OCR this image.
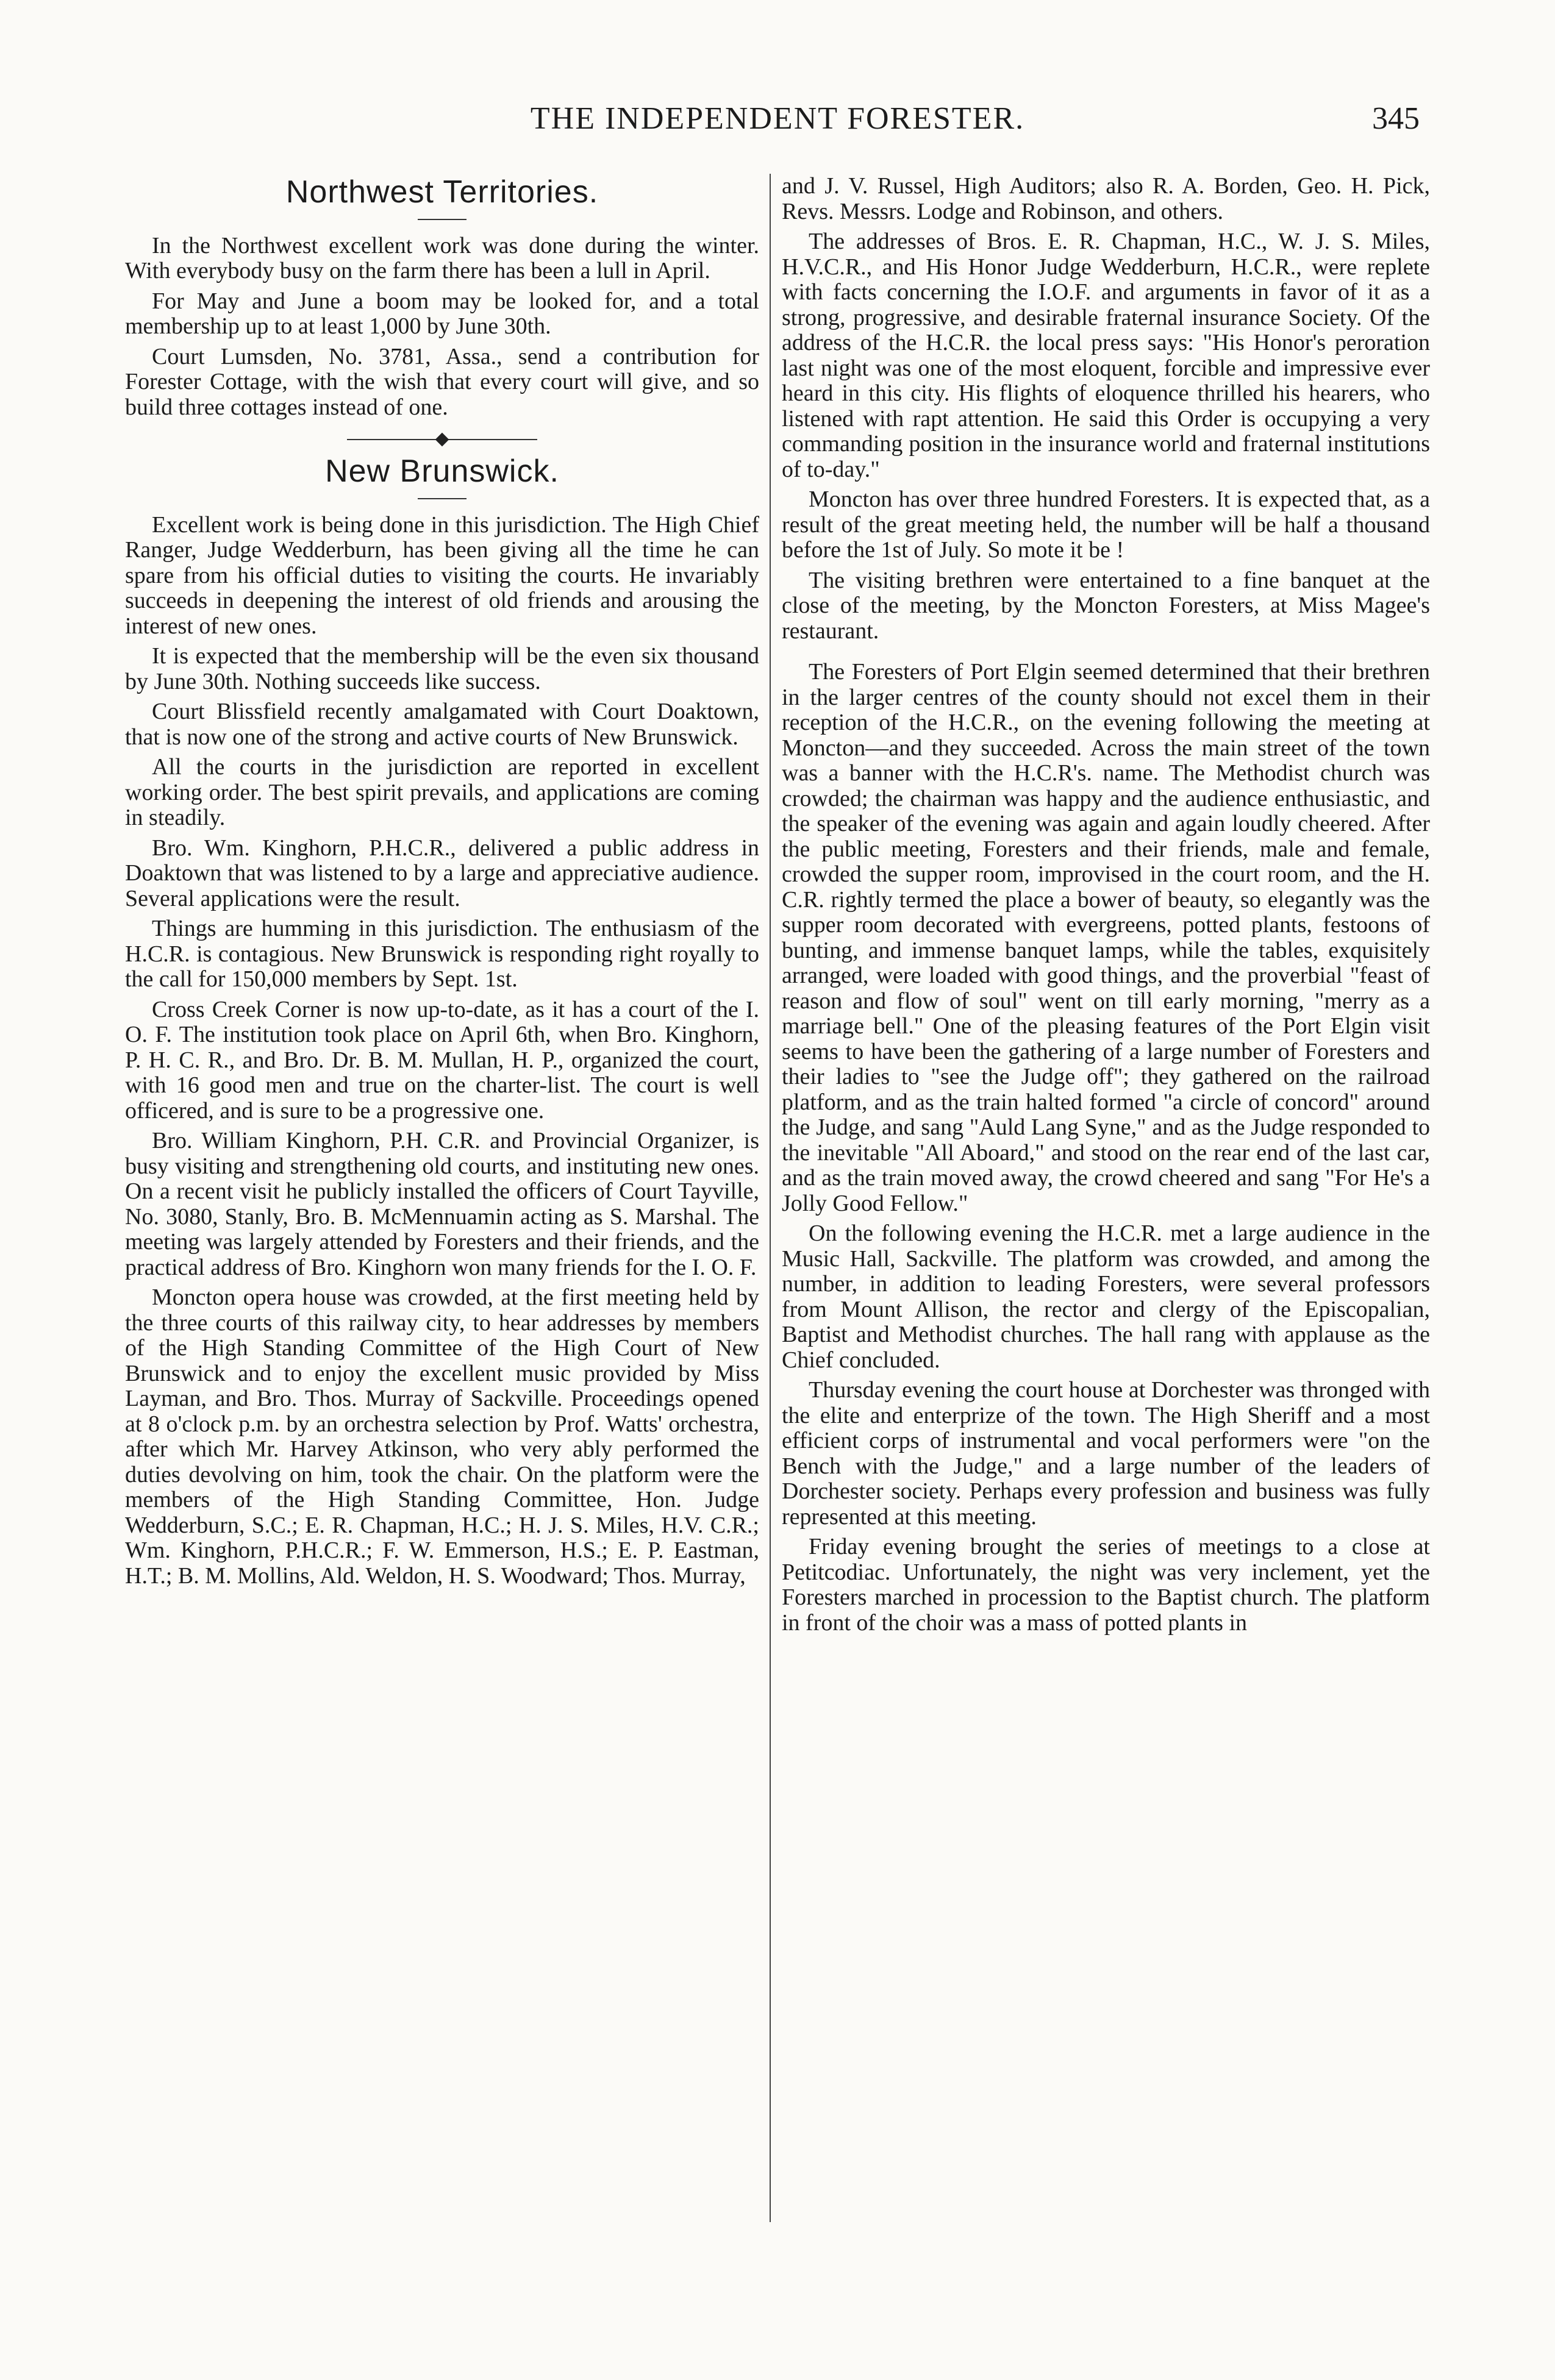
THE INDEPENDENT FORESTER.	345
Northwest Territories.

In the Northwest excellent work was done during the winter. With everybody busy on the farm there has been a lull in April.

For May and June a boom may be looked for, and a total membership up to at least 1,000 by June 30th.

Court Lumsden, No. 3781, Assa., send a contribution for Forester Cottage, with the wish that every court will give, and so build three cottages instead of one.

New Brunswick.

Excellent work is being done in this jurisdiction. The High Chief Ranger, Judge Wedderburn, has been giving all the time he can spare from his official duties to visiting the courts. He invariably succeeds in deepening the interest of old friends and arousing the interest of new ones.

It is expected that the membership will be the even six thousand by June 30th. Nothing succeeds like success.

Court Blissfield recently amalgamated with Court Doaktown, that is now one of the strong and active courts of New Brunswick.

All the courts in the jurisdiction are reported in excellent working order. The best spirit prevails, and applications are coming in steadily.

Bro. Wm. Kinghorn, P.H.C.R., delivered a public address in Doaktown that was listened to by a large and appreciative audience. Several applications were the result.

Things are humming in this jurisdiction. The enthusiasm of the H.C.R. is contagious. New Brunswick is responding right royally to the call for 150,000 members by Sept. 1st.

Cross Creek Corner is now up-to-date, as it has a court of the I. O. F. The institution took place on April 6th, when Bro. Kinghorn, P. H. C. R., and Bro. Dr. B. M. Mullan, H. P., organized the court, with 16 good men and true on the charter-list. The court is well officered, and is sure to be a progressive one.

Bro. William Kinghorn, P.H. C.R. and Provincial Organizer, is busy visiting and strengthening old courts, and instituting new ones. On a recent visit he publicly installed the officers of Court Tayville, No. 3080, Stanly, Bro. B. McMennuamin acting as S. Marshal. The meeting was largely attended by Foresters and their friends, and the practical address of Bro. Kinghorn won many friends for the I. O. F.

Moncton opera house was crowded, at the first meeting held by the three courts of this railway city, to hear addresses by members of the High Standing Committee of the High Court of New Brunswick and to enjoy the excellent music provided by Miss Layman, and Bro. Thos. Murray of Sackville. Proceedings opened at 8 o'clock p.m. by an orchestra selection by Prof. Watts' orchestra, after which Mr. Harvey Atkinson, who very ably performed the duties devolving on him, took the chair. On the platform were the members of the High Standing Committee, Hon. Judge Wedderburn, S.C.; E. R. Chapman, H.C.; H. J. S. Miles, H.V. C.R.; Wm. Kinghorn, P.H.C.R.; F. W. Emmerson, H.S.; E. P. Eastman, H.T.; B. M. Mollins, Ald. Weldon, H. S. Woodward; Thos. Murray,

and J. V. Russel, High Auditors; also R. A. Borden, Geo. H. Pick, Revs. Messrs. Lodge and Robinson, and others.

The addresses of Bros. E. R. Chapman, H.C., W. J. S. Miles, H.V.C.R., and His Honor Judge Wedderburn, H.C.R., were replete with facts concerning the I.O.F. and arguments in favor of it as a strong, progressive, and desirable fraternal insurance Society. Of the address of the H.C.R. the local press says: "His Honor's peroration last night was one of the most eloquent, forcible and impressive ever heard in this city. His flights of eloquence thrilled his hearers, who listened with rapt attention. He said this Order is occupying a very commanding position in the insurance world and fraternal institutions of to-day."

Moncton has over three hundred Foresters. It is expected that, as a result of the great meeting held, the number will be half a thousand before the 1st of July. So mote it be !

The visiting brethren were entertained to a fine banquet at the close of the meeting, by the Moncton Foresters, at Miss Magee's restaurant.

The Foresters of Port Elgin seemed determined that their brethren in the larger centres of the county should not excel them in their reception of the H.C.R., on the evening following the meeting at Moncton—and they succeeded. Across the main street of the town was a banner with the H.C.R's. name. The Methodist church was crowded; the chairman was happy and the audience enthusiastic, and the speaker of the evening was again and again loudly cheered. After the public meeting, Foresters and their friends, male and female, crowded the supper room, improvised in the court room, and the H. C.R. rightly termed the place a bower of beauty, so elegantly was the supper room decorated with evergreens, potted plants, festoons of bunting, and immense banquet lamps, while the tables, exquisitely arranged, were loaded with good things, and the proverbial "feast of reason and flow of soul" went on till early morning, "merry as a marriage bell." One of the pleasing features of the Port Elgin visit seems to have been the gathering of a large number of Foresters and their ladies to "see the Judge off"; they gathered on the railroad platform, and as the train halted formed "a circle of concord" around the Judge, and sang "Auld Lang Syne," and as the Judge responded to the inevitable "All Aboard," and stood on the rear end of the last car, and as the train moved away, the crowd cheered and sang "For He's a Jolly Good Fellow."

On the following evening the H.C.R. met a large audience in the Music Hall, Sackville. The platform was crowded, and among the number, in addition to leading Foresters, were several professors from Mount Allison, the rector and clergy of the Episcopalian, Baptist and Methodist churches. The hall rang with applause as the Chief concluded.

Thursday evening the court house at Dorchester was thronged with the elite and enterprize of the town. The High Sheriff and a most efficient corps of instrumental and vocal performers were "on the Bench with the Judge," and a large number of the leaders of Dorchester society. Perhaps every profession and business was fully represented at this meeting.

Friday evening brought the series of meetings to a close at Petitcodiac. Unfortunately, the night was very inclement, yet the Foresters marched in procession to the Baptist church. The platform in front of the choir was a mass of potted plants in
